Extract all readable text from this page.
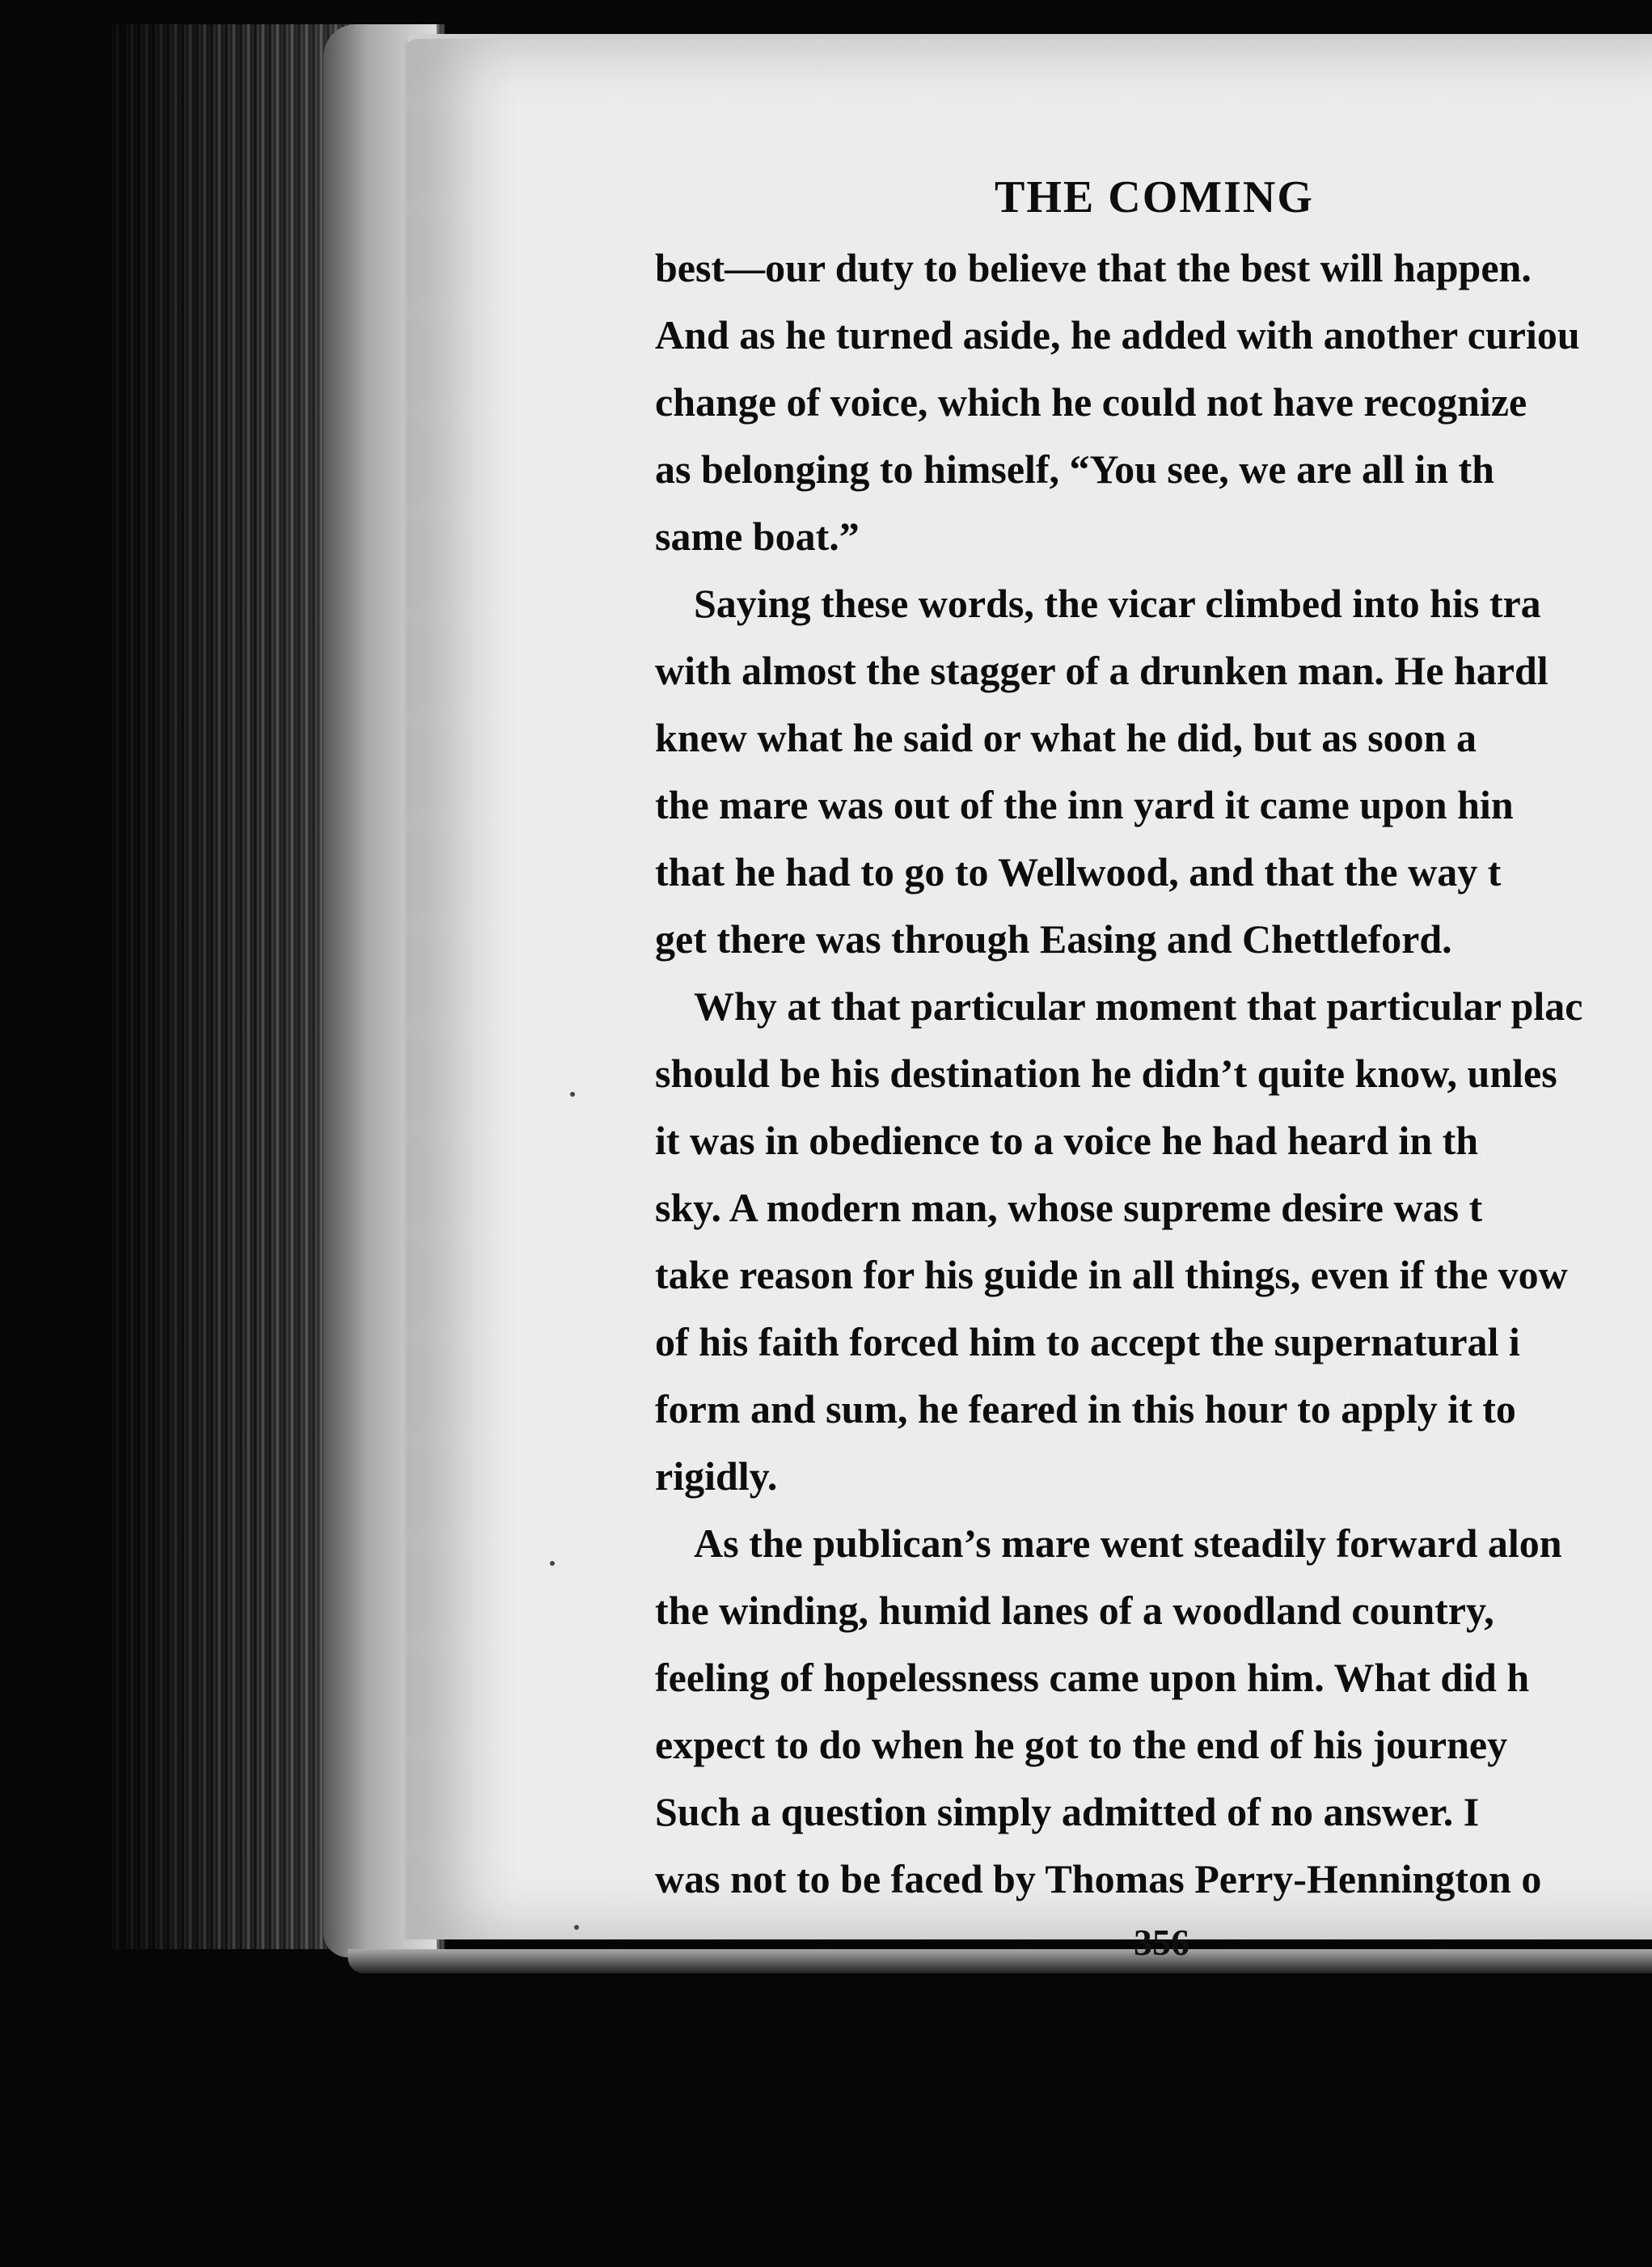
THE COMING
best—our duty to believe that the best will happen.
And as he turned aside, he added with another curiou
change of voice, which he could not have recognize
as belonging to himself, “You see, we are all in th
same boat.”
Saying these words, the vicar climbed into his tra
with almost the stagger of a drunken man. He hardl
knew what he said or what he did, but as soon a
the mare was out of the inn yard it came upon hin
that he had to go to Wellwood, and that the way t
get there was through Easing and Chettleford.
Why at that particular moment that particular plac
should be his destination he didn’t quite know, unles
it was in obedience to a voice he had heard in th
sky. A modern man, whose supreme desire was t
take reason for his guide in all things, even if the vow
of his faith forced him to accept the supernatural i
form and sum, he feared in this hour to apply it to
rigidly.
As the publican’s mare went steadily forward alon
the winding, humid lanes of a woodland country,
feeling of hopelessness came upon him. What did h
expect to do when he got to the end of his journey
Such a question simply admitted of no answer. I
was not to be faced by Thomas Perry-Hennington o
356
